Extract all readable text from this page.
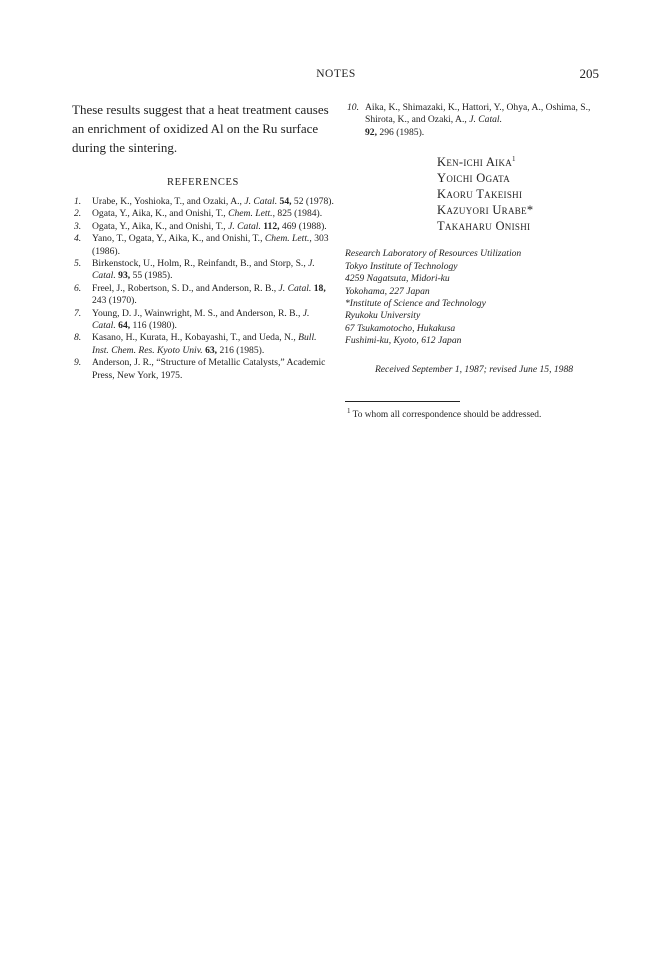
NOTES	205

These results suggest that a heat treatment causes an enrichment of oxidized Al on the Ru surface during the sintering.

REFERENCES
1.	Urabe, K., Yoshioka, T., and Ozaki, A., J. Catal. 54, 52 (1978).
2.	Ogata, Y., Aika, K., and Onishi, T., Chem. Lett., 825 (1984).
3.	Ogata, Y., Aika, K., and Onishi, T., J. Catal. 112, 469 (1988).
4.	Yano, T., Ogata, Y., Aika, K., and Onishi, T., Chem. Lett., 303 (1986).
5.	Birkenstock, U., Holm, R., Reinfandt, B., and Storp, S., J. Catal. 93, 55 (1985).
6.	Freel, J., Robertson, S. D., and Anderson, R. B., J. Catal. 18, 243 (1970).
7.	Young, D. J., Wainwright, M. S., and Anderson, R. B., J. Catal. 64, 116 (1980).
8.	Kasano, H., Kurata, H., Kobayashi, T., and Ueda, N., Bull. Inst. Chem. Res. Kyoto Univ. 63, 216 (1985).
9.	Anderson, J. R., “Structure of Metallic Catalysts,” Academic Press, New York, 1975.
10. Aika, K., Shimazaki, K., Hattori, Y., Ohya, A., Oshima, S., Shirota, K., and Ozaki, A., J. Catal.
92, 296 (1985).
Ken-ichi Aika$^1$
Yoichi Ogata
Kaoru Takeishi
Kazuyori Urabe*
Takaharu Onishi
Research Laboratory of Resources Utilization
Tokyo Institute of Technology
4259 Nagatsuta, Midori-ku
Yokohama, 227 Japan
*Institute of Science and Technology
Ryukoku University
67 Tsukamotocho, Hukakusa
Fushimi-ku, Kyoto, 612 Japan
Received September 1, 1987; revised June 15, 1988
$^1$ To whom all correspondence should be addressed.
